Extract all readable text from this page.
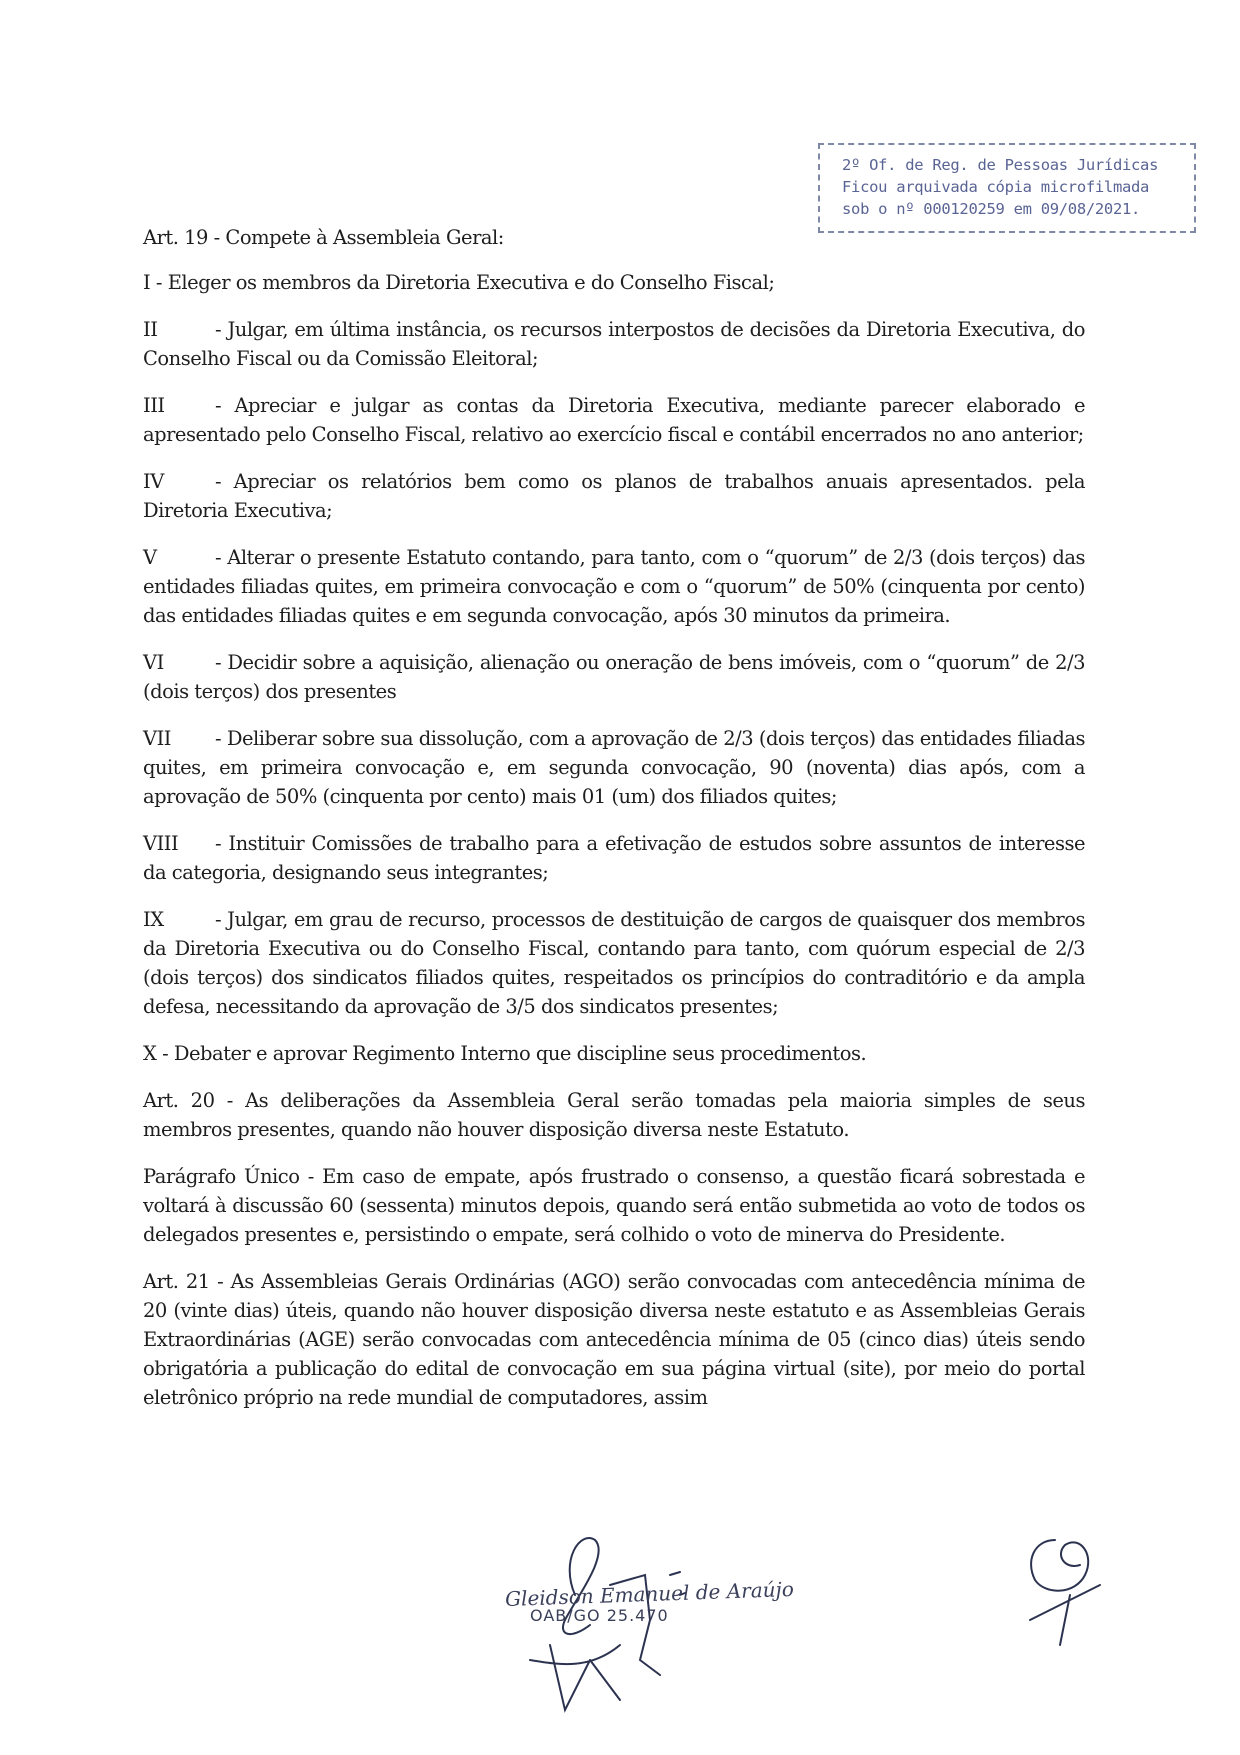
2º Of. de Reg. de Pessoas Jurídicas
Ficou arquivada cópia microfilmada
sob o nº 000120259 em 09/08/2021.

Art. 19 - Compete à Assembleia Geral:

I - Eleger os membros da Diretoria Executiva e do Conselho Fiscal;

II	- Julgar, em última instância, os recursos interpostos de decisões da Diretoria Executiva, do Conselho Fiscal ou da Comissão Eleitoral;

III	- Apreciar e julgar as contas da Diretoria Executiva, mediante parecer elaborado e apresentado pelo Conselho Fiscal, relativo ao exercício fiscal e contábil encerrados no ano anterior;

IV	- Apreciar os relatórios bem como os planos de trabalhos anuais apresentados. pela Diretoria Executiva;

V	- Alterar o presente Estatuto contando, para tanto, com o “quorum” de 2/3 (dois terços) das entidades filiadas quites, em primeira convocação e com o “quorum” de 50% (cinquenta por cento) das entidades filiadas quites e em segunda convocação, após 30 minutos da primeira.

VI	- Decidir sobre a aquisição, alienação ou oneração de bens imóveis, com o “quorum” de 2/3 (dois terços) dos presentes

VII - Deliberar sobre sua dissolução, com a aprovação de 2/3 (dois terços) das entidades filiadas quites, em primeira convocação e, em segunda convocação, 90 (noventa) dias após, com a aprovação de 50% (cinquenta por cento) mais 01 (um) dos filiados quites;

VIII - Instituir Comissões de trabalho para a efetivação de estudos sobre assuntos de interesse da categoria, designando seus integrantes;

IX	- Julgar, em grau de recurso, processos de destituição de cargos de quaisquer dos membros da Diretoria Executiva ou do Conselho Fiscal, contando para tanto, com quórum especial de 2/3 (dois terços) dos sindicatos filiados quites, respeitados os princípios do contraditório e da ampla defesa, necessitando da aprovação de 3/5 dos sindicatos presentes;

X - Debater e aprovar Regimento Interno que discipline seus procedimentos.

Art. 20 - As deliberações da Assembleia Geral serão tomadas pela maioria simples de seus membros presentes, quando não houver disposição diversa neste Estatuto.

Parágrafo Único - Em caso de empate, após frustrado o consenso, a questão ficará sobrestada e voltará à discussão 60 (sessenta) minutos depois, quando será então submetida ao voto de todos os delegados presentes e, persistindo o empate, será colhido o voto de minerva do Presidente.

Art. 21 - As Assembleias Gerais Ordinárias (AGO) serão convocadas com antecedência mínima de 20 (vinte dias) úteis, quando não houver disposição diversa neste estatuto e as Assembleias Gerais Extraordinárias (AGE) serão convocadas com antecedência mínima de 05 (cinco dias) úteis sendo obrigatória a publicação do edital de convocação em sua página virtual (site), por meio do portal eletrônico próprio na rede mundial de computadores, assim

Gleidson Emanuel de Araújo
OAB/GO 25.470
